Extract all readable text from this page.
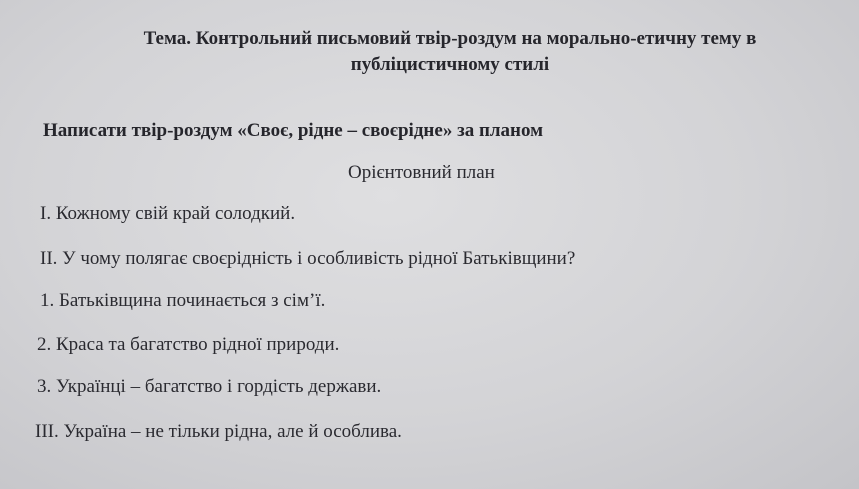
Тема. Контрольний письмовий твір-роздум на морально-етичну тему в
публіцистичному стилі
Написати твір-роздум «Своє, рідне – своєрідне» за планом
Орієнтовний план
І. Кожному свій край солодкий.
ІІ. У чому полягає своєрідність і особливість рідної Батьківщини?
1. Батьківщина починається з сім’ї.
2. Краса та багатство рідної природи.
3. Українці – багатство і гордість держави.
ІІІ. Україна – не тільки рідна, але й особлива.
